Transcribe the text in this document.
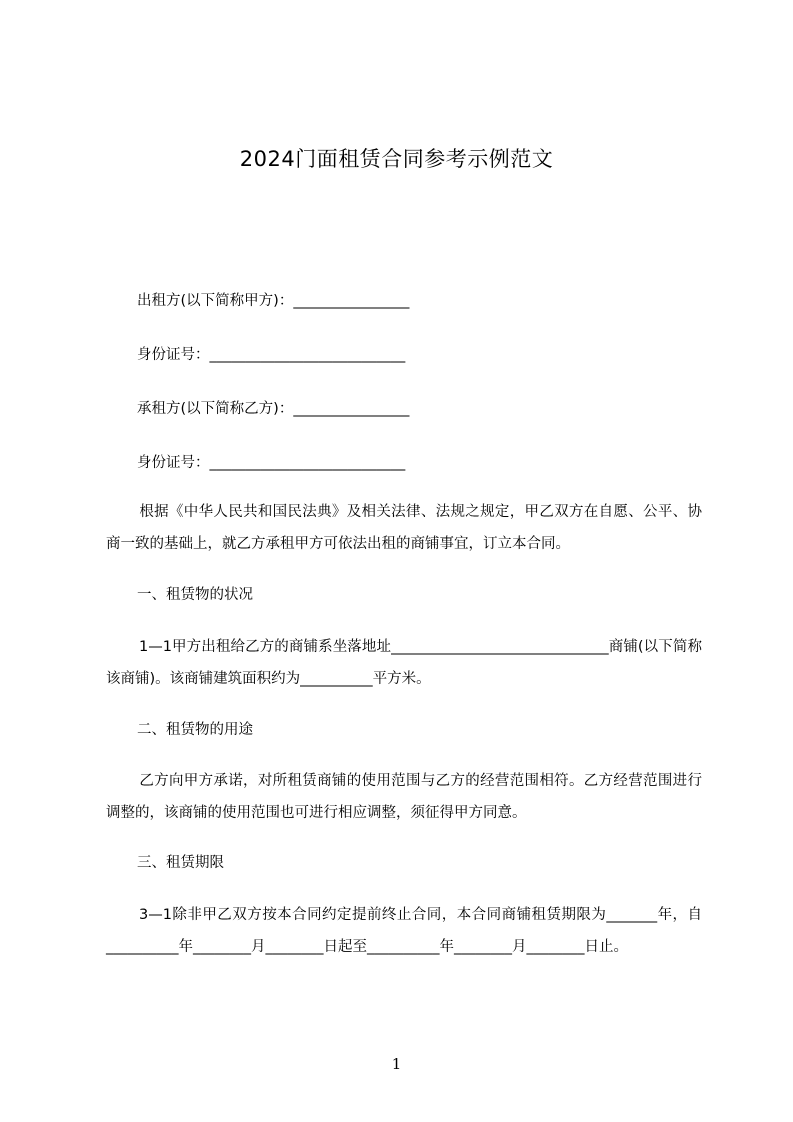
2024门面租赁合同参考示例范文
出租方(以下简称甲方)：________________
身份证号：___________________________
承租方(以下简称乙方)：________________
身份证号：___________________________
根据《中华人民共和国民法典》及相关法律、法规之规定，甲乙双方在自愿、公平、协商一致的基础上，就乙方承租甲方可依法出租的商铺事宜，订立本合同。
一、租赁物的状况
1—1甲方出租给乙方的商铺系坐落地址______________________________商铺(以下简称该商铺)。该商铺建筑面积约为__________平方米。
二、租赁物的用途
乙方向甲方承诺，对所租赁商铺的使用范围与乙方的经营范围相符。乙方经营范围进行调整的，该商铺的使用范围也可进行相应调整，须征得甲方同意。
三、租赁期限
3—1除非甲乙双方按本合同约定提前终止合同，本合同商铺租赁期限为_______年，自__________年________月________日起至__________年________月________日止。
1
